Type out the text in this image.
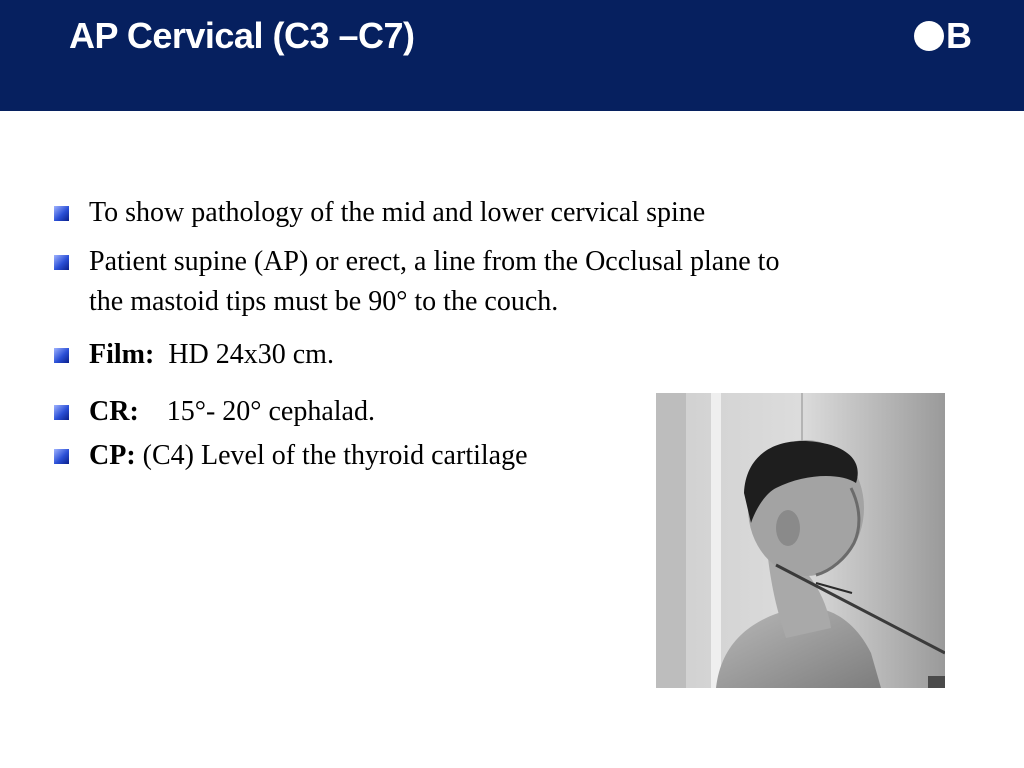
AP Cervical (C3 –C7)	B
To show pathology of the mid and lower cervical spine
Patient supine (AP) or erect, a line from the Occlusal plane to
the mastoid tips must be 90° to the couch.
Film: HD 24x30 cm.
CR: 15°- 20° cephalad.
CP: (C4) Level of the thyroid cartilage
